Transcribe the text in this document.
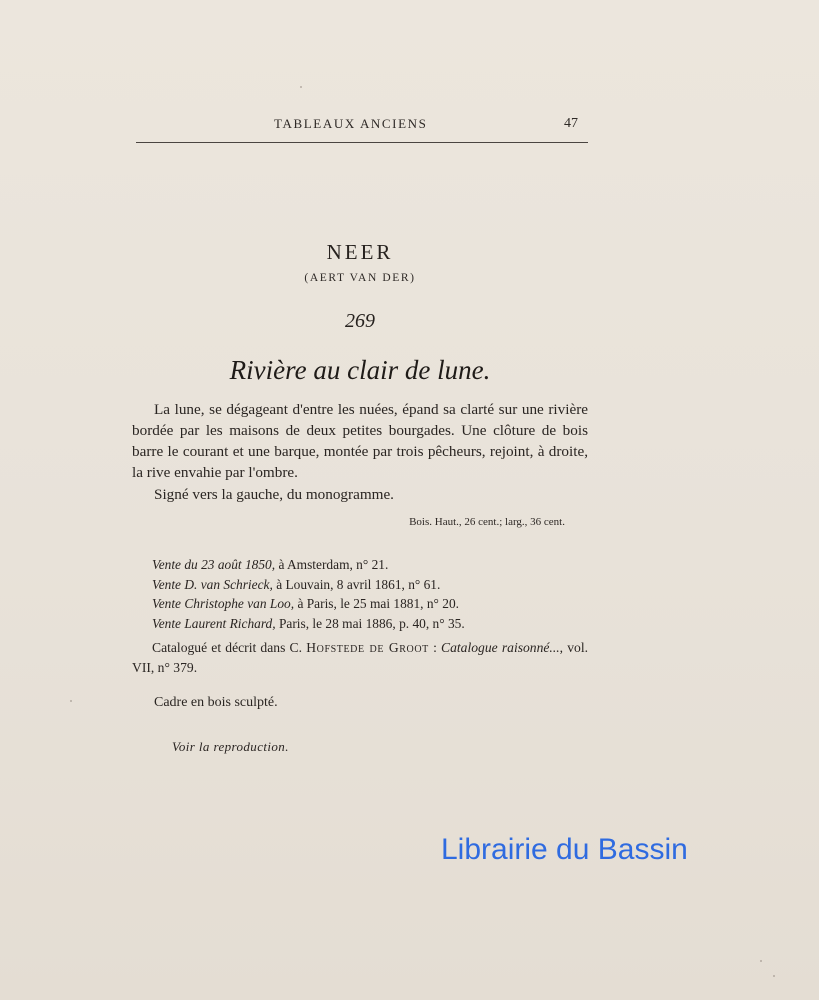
TABLEAUX ANCIENS	47
NEER
(AERT VAN DER)
269
Rivière au clair de lune.
La lune, se dégageant d'entre les nuées, épand sa clarté sur une rivière bordée par les maisons de deux petites bourgades. Une clôture de bois barre le courant et une barque, montée par trois pêcheurs, rejoint, à droite, la rive envahie par l'ombre.
Signé vers la gauche, du monogramme.
Bois. Haut., 26 cent.; larg., 36 cent.
Vente du 23 août 1850, à Amsterdam, n° 21.
Vente D. van Schrieck, à Louvain, 8 avril 1861, n° 61.
Vente Christophe van Loo, à Paris, le 25 mai 1881, n° 20.
Vente Laurent Richard, Paris, le 28 mai 1886, p. 40, n° 35.
Catalogué et décrit dans C. Hofstede de Groot : Catalogue raisonné..., vol. VII, n° 379.
Cadre en bois sculpté.
Voir la reproduction.
Librairie du Bassin
